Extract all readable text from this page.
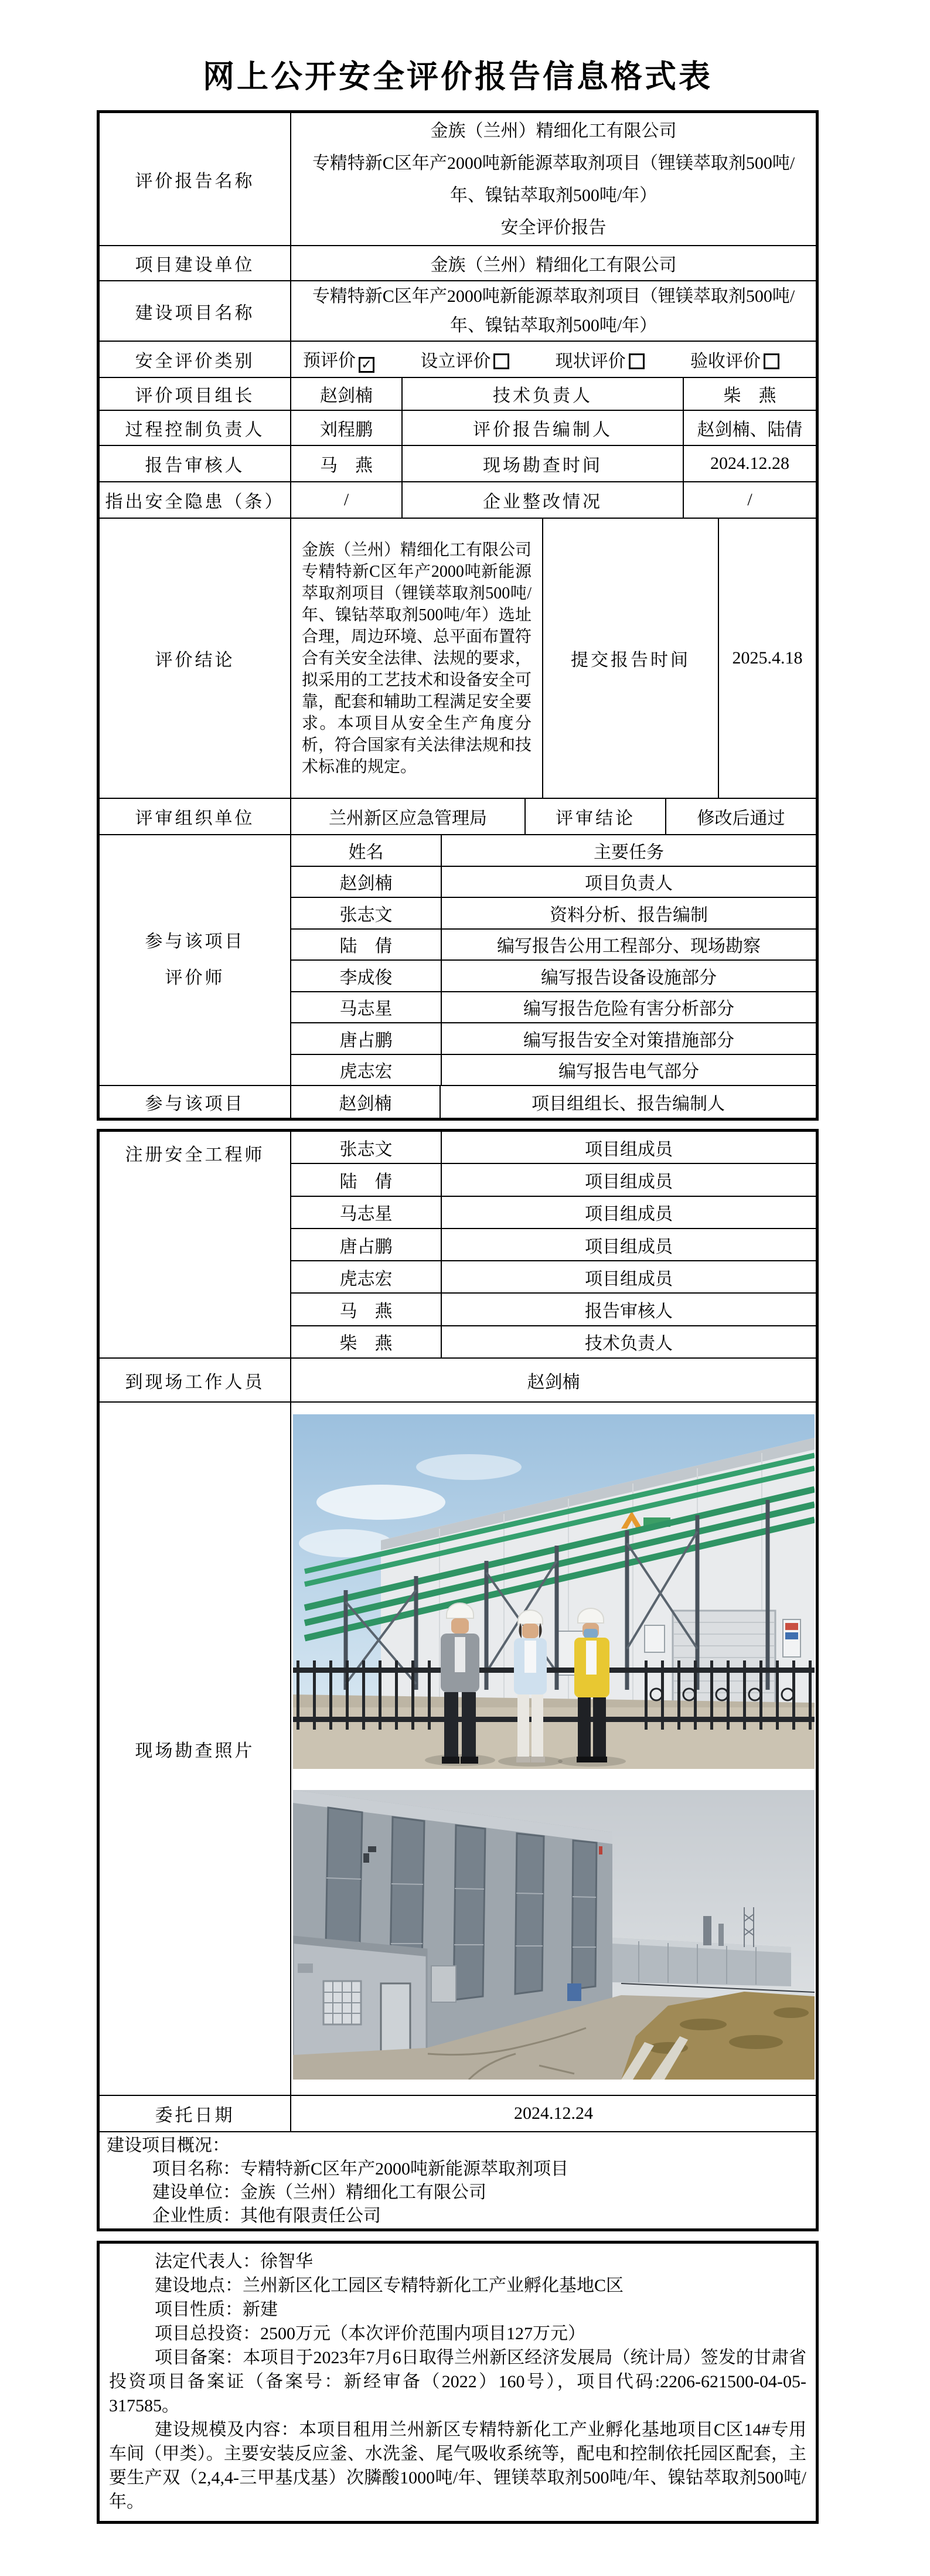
网上公开安全评价报告信息格式表
评价报告名称
金族（兰州）精细化工有限公司
专精特新C区年产2000吨新能源萃取剂项目（锂镁萃取剂500吨/年、镍钴萃取剂500吨/年）
安全评价报告
项目建设单位	金族（兰州）精细化工有限公司
建设项目名称
专精特新C区年产2000吨新能源萃取剂项目（锂镁萃取剂500吨/年、镍钴萃取剂500吨/年）
安全评价类别	预评价 ✓	设立评价	现状评价	验收评价
评价项目组长	赵剑楠	技术负责人	柴　燕
过程控制负责人	刘程鹏	评价报告编制人	赵剑楠、陆倩
报告审核人	马　燕	现场勘查时间	2024.12.28
指出安全隐患（条）	/	企业整改情况	/
评价结论
金族（兰州）精细化工有限公司专精特新C区年产2000吨新能源萃取剂项目（锂镁萃取剂500吨/年、镍钴萃取剂500吨/年）选址合理，周边环境、总平面布置符合有关安全法律、法规的要求，拟采用的工艺技术和设备安全可靠，配套和辅助工程满足安全要求。本项目从安全生产角度分析，符合国家有关法律法规和技术标准的规定。
提交报告时间	2025.4.18
评审组织单位	兰州新区应急管理局	评审结论	修改后通过
参与该项目
评价师
姓名	主要任务
赵剑楠	项目负责人
张志文	资料分析、报告编制
陆　倩	编写报告公用工程部分、现场勘察
李成俊	编写报告设备设施部分
马志星	编写报告危险有害分析部分
唐占鹏	编写报告安全对策措施部分
虎志宏	编写报告电气部分
参与该项目	赵剑楠	项目组组长、报告编制人
注册安全工程师	张志文	项目组成员
陆　倩	项目组成员
马志星	项目组成员
唐占鹏	项目组成员
虎志宏	项目组成员
马　燕	报告审核人
柴　燕	技术负责人
到现场工作人员	赵剑楠
现场勘查照片
委托日期	2024.12.24

建设项目概况：

项目名称：专精特新C区年产2000吨新能源萃取剂项目

建设单位：金族（兰州）精细化工有限公司

企业性质：其他有限责任公司

法定代表人：徐智华

建设地点：兰州新区化工园区专精特新化工产业孵化基地C区

项目性质：新建

项目总投资：2500万元（本次评价范围内项目127万元）

项目备案：本项目于2023年7月6日取得兰州新区经济发展局（统计局）签发的甘肃省投资项目备案证（备案号：新经审备（2022）160号），项目代码:2206-621500-04-05-317585。

建设规模及内容：本项目租用兰州新区专精特新化工产业孵化基地项目C区14#专用车间（甲类）。主要安装反应釜、水洗釜、尾气吸收系统等，配电和控制依托园区配套，主要生产双（2,4,4-三甲基戊基）次膦酸1000吨/年、锂镁萃取剂500吨/年、镍钴萃取剂500吨/年。
